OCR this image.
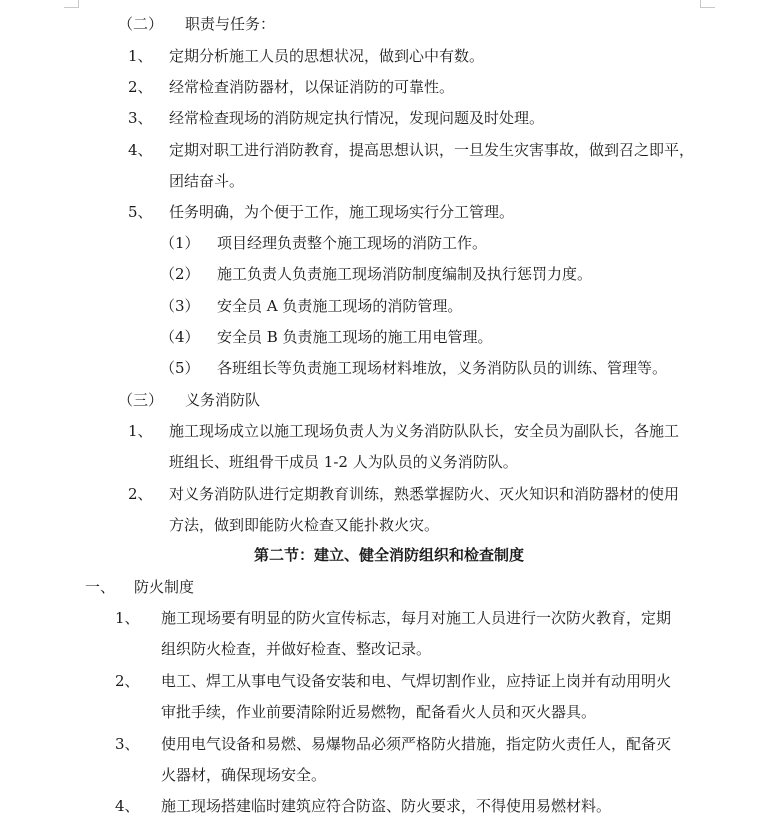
（二） 职责与任务：
1、 定期分析施工人员的思想状况，做到心中有数。
2、 经常检查消防器材，以保证消防的可靠性。
3、 经常检查现场的消防规定执行情况，发现问题及时处理。
4、 定期对职工进行消防教育，提高思想认识，一旦发生灾害事故，做到召之即平，
团结奋斗。
5、 任务明确，为个便于工作，施工现场实行分工管理。
（1） 项目经理负责整个施工现场的消防工作。
（2） 施工负责人负责施工现场消防制度编制及执行惩罚力度。
（3） 安全员 A 负责施工现场的消防管理。
（4） 安全员 B 负责施工现场的施工用电管理。
（5） 各班组长等负责施工现场材料堆放，义务消防队员的训练、管理等。
（三） 义务消防队
1、 施工现场成立以施工现场负责人为义务消防队队长，安全员为副队长，各施工
班组长、班组骨干成员 1-2 人为队员的义务消防队。
2、 对义务消防队进行定期教育训练，熟悉掌握防火、灭火知识和消防器材的使用
方法，做到即能防火检查又能扑救火灾。
第二节：建立、健全消防组织和检查制度
一、 防火制度
1、 施工现场要有明显的防火宣传标志，每月对施工人员进行一次防火教育，定期
组织防火检查，并做好检查、整改记录。
2、 电工、焊工从事电气设备安装和电、气焊切割作业，应持证上岗并有动用明火
审批手续，作业前要清除附近易燃物，配备看火人员和灭火器具。
3、 使用电气设备和易燃、易爆物品必须严格防火措施，指定防火责任人，配备灭
火器材，确保现场安全。
4、 施工现场搭建临时建筑应符合防盗、防火要求，不得使用易燃材料。
